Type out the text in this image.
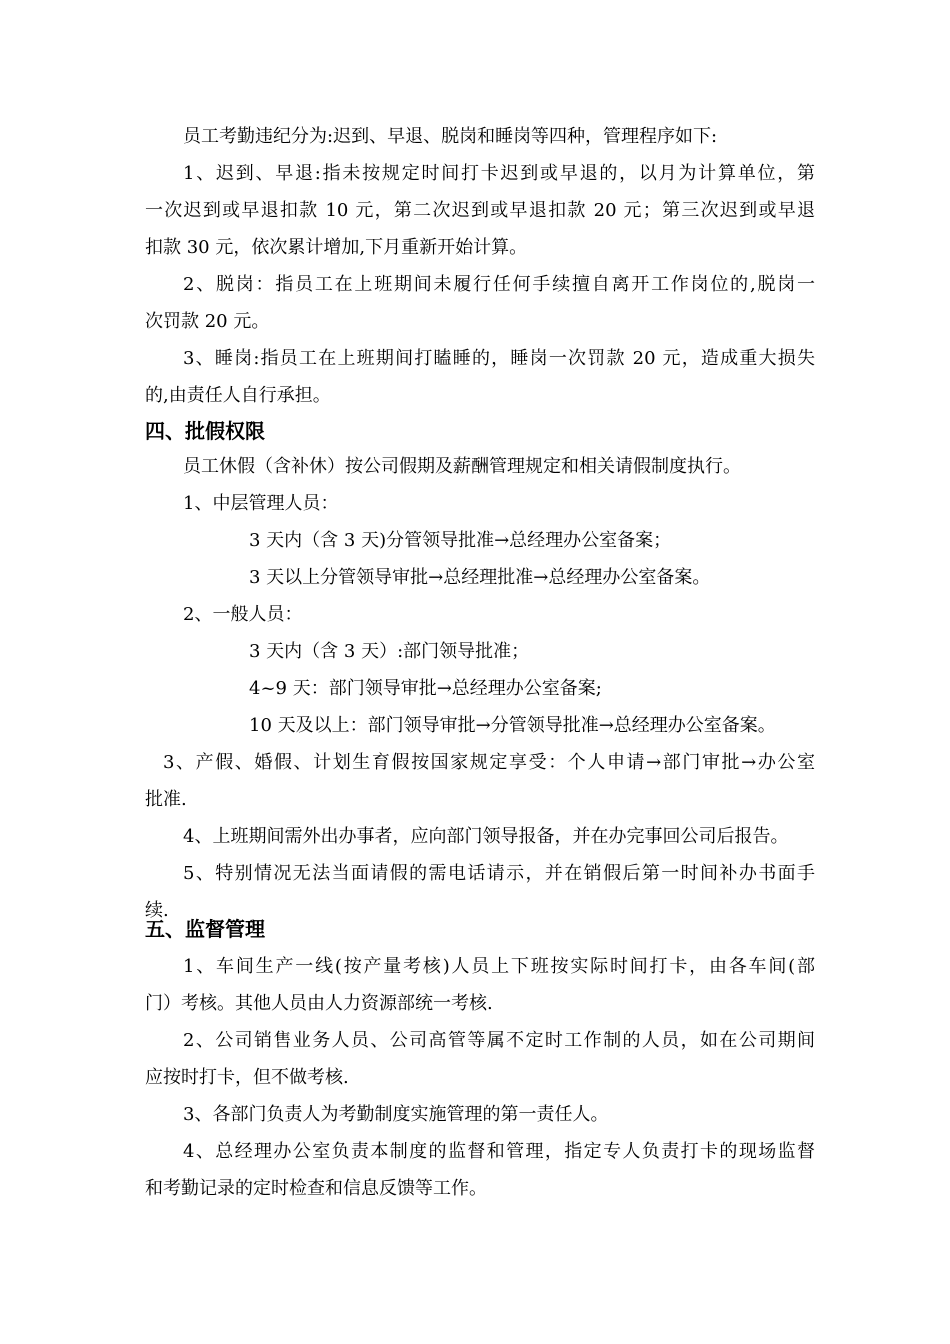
员工考勤违纪分为:迟到、早退、脱岗和睡岗等四种，管理程序如下:
1、迟到、早退:指未按规定时间打卡迟到或早退的，以月为计算单位，第
一次迟到或早退扣款 10 元，第二次迟到或早退扣款 20 元；第三次迟到或早退
扣款 30 元，依次累计增加,下月重新开始计算。
2、脱岗：指员工在上班期间未履行任何手续擅自离开工作岗位的,脱岗一
次罚款 20 元。
3、睡岗:指员工在上班期间打瞌睡的，睡岗一次罚款 20 元，造成重大损失
的,由责任人自行承担。
四、批假权限
员工休假（含补休）按公司假期及薪酬管理规定和相关请假制度执行。
1、中层管理人员：
3 天内（含 3 天)分管领导批准→总经理办公室备案；
3 天以上分管领导审批→总经理批准→总经理办公室备案。
2、一般人员：
3 天内（含 3 天）:部门领导批准；
4~9 天：部门领导审批→总经理办公室备案;
10 天及以上：部门领导审批→分管领导批准→总经理办公室备案。
3、产假、婚假、计划生育假按国家规定享受：个人申请→部门审批→办公室
批准.
4、上班期间需外出办事者，应向部门领导报备，并在办完事回公司后报告。
5、特别情况无法当面请假的需电话请示，并在销假后第一时间补办书面手
续.
五、监督管理
1、车间生产一线(按产量考核)人员上下班按实际时间打卡，由各车间(部
门）考核。其他人员由人力资源部统一考核.
2、公司销售业务人员、公司高管等属不定时工作制的人员，如在公司期间
应按时打卡，但不做考核.
3、各部门负责人为考勤制度实施管理的第一责任人。
4、总经理办公室负责本制度的监督和管理，指定专人负责打卡的现场监督
和考勤记录的定时检查和信息反馈等工作。
